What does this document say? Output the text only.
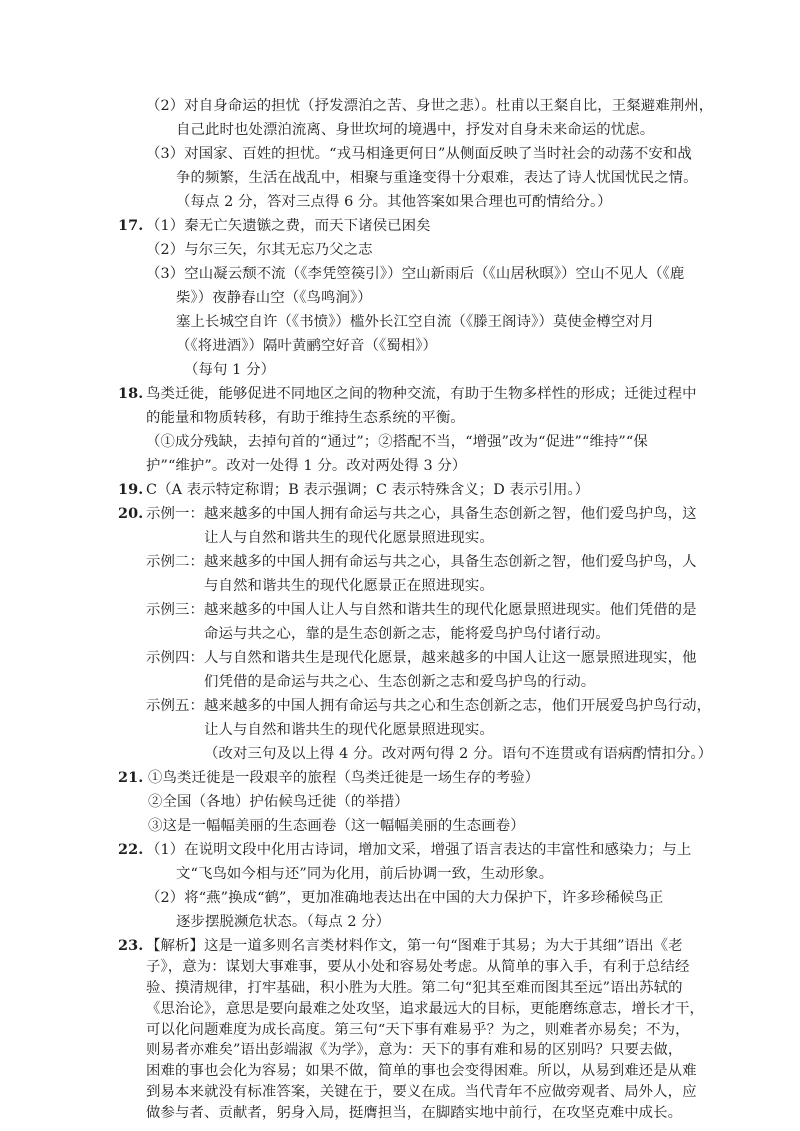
（2）对自身命运的担忧（抒发漂泊之苦、身世之悲）。杜甫以王粲自比，王粲避难荆州，
自己此时也处漂泊流离、身世坎坷的境遇中，抒发对自身未来命运的忧虑。
（3）对国家、百姓的担忧。“戎马相逢更何日”从侧面反映了当时社会的动荡不安和战
争的频繁，生活在战乱中，相聚与重逢变得十分艰难，表达了诗人忧国忧民之情。
（每点 2 分，答对三点得 6 分。其他答案如果合理也可酌情给分。）
17. （1）秦无亡矢遗镞之费，而天下诸侯已困矣
（2）与尔三矢，尔其无忘乃父之志
（3）空山凝云颓不流（《李凭箜篌引》）空山新雨后（《山居秋暝》）空山不见人（《鹿
柴》）夜静春山空（《鸟鸣涧》）
塞上长城空自许（《书愤》）槛外长江空自流（《滕王阁诗》）莫使金樽空对月
（《将进酒》）隔叶黄鹂空好音（《蜀相》）
（每句 1 分）
18. 鸟类迁徙，能够促进不同地区之间的物种交流，有助于生物多样性的形成；迁徙过程中
的能量和物质转移，有助于维持生态系统的平衡。
（①成分残缺，去掉句首的“通过”；②搭配不当，“增强”改为“促进”“维持”“保
护”“维护”。改对一处得 1 分。改对两处得 3 分）
19. C（A 表示特定称谓；B 表示强调；C 表示特殊含义；D 表示引用。）
20. 示例一：越来越多的中国人拥有命运与共之心，具备生态创新之智，他们爱鸟护鸟，这
让人与自然和谐共生的现代化愿景照进现实。
示例二：越来越多的中国人拥有命运与共之心，具备生态创新之智，他们爱鸟护鸟，人
与自然和谐共生的现代化愿景正在照进现实。
示例三：越来越多的中国人让人与自然和谐共生的现代化愿景照进现实。他们凭借的是
命运与共之心，靠的是生态创新之志，能将爱鸟护鸟付诸行动。
示例四：人与自然和谐共生是现代化愿景，越来越多的中国人让这一愿景照进现实，他
们凭借的是命运与共之心、生态创新之志和爱鸟护鸟的行动。
示例五：越来越多的中国人拥有命运与共之心和生态创新之志，他们开展爱鸟护鸟行动，
让人与自然和谐共生的现代化愿景照进现实。
（改对三句及以上得 4 分。改对两句得 2 分。语句不连贯或有语病酌情扣分。）
21. ①鸟类迁徙是一段艰辛的旅程（鸟类迁徙是一场生存的考验）
②全国（各地）护佑候鸟迁徙（的举措）
③这是一幅幅美丽的生态画卷（这一幅幅美丽的生态画卷）
22. （1）在说明文段中化用古诗词，增加文采，增强了语言表达的丰富性和感染力；与上
文“飞鸟如今相与还”同为化用，前后协调一致，生动形象。
（2）将“燕”换成“鹤”，更加准确地表达出在中国的大力保护下，许多珍稀候鸟正
逐步摆脱濒危状态。（每点 2 分）
23. 【解析】这是一道多则名言类材料作文，第一句“图难于其易；为大于其细”语出《老
子》，意为：谋划大事难事，要从小处和容易处考虑。从简单的事入手，有利于总结经
验、摸清规律，打牢基础，积小胜为大胜。第二句“犯其至难而图其至远”语出苏轼的
《思治论》，意思是要向最难之处攻坚，追求最远大的目标，更能磨练意志，增长才干，
可以化问题难度为成长高度。第三句“天下事有难易乎？为之，则难者亦易矣；不为，
则易者亦难矣”语出彭端淑《为学》，意为：天下的事有难和易的区别吗？只要去做，
困难的事也会化为容易；如果不做，简单的事也会变得困难。所以，从易到难还是从难
到易本来就没有标准答案，关键在于，要义在成。当代青年不应做旁观者、局外人，应
做参与者、贡献者，躬身入局，挺膺担当，在脚踏实地中前行，在攻坚克难中成长。
